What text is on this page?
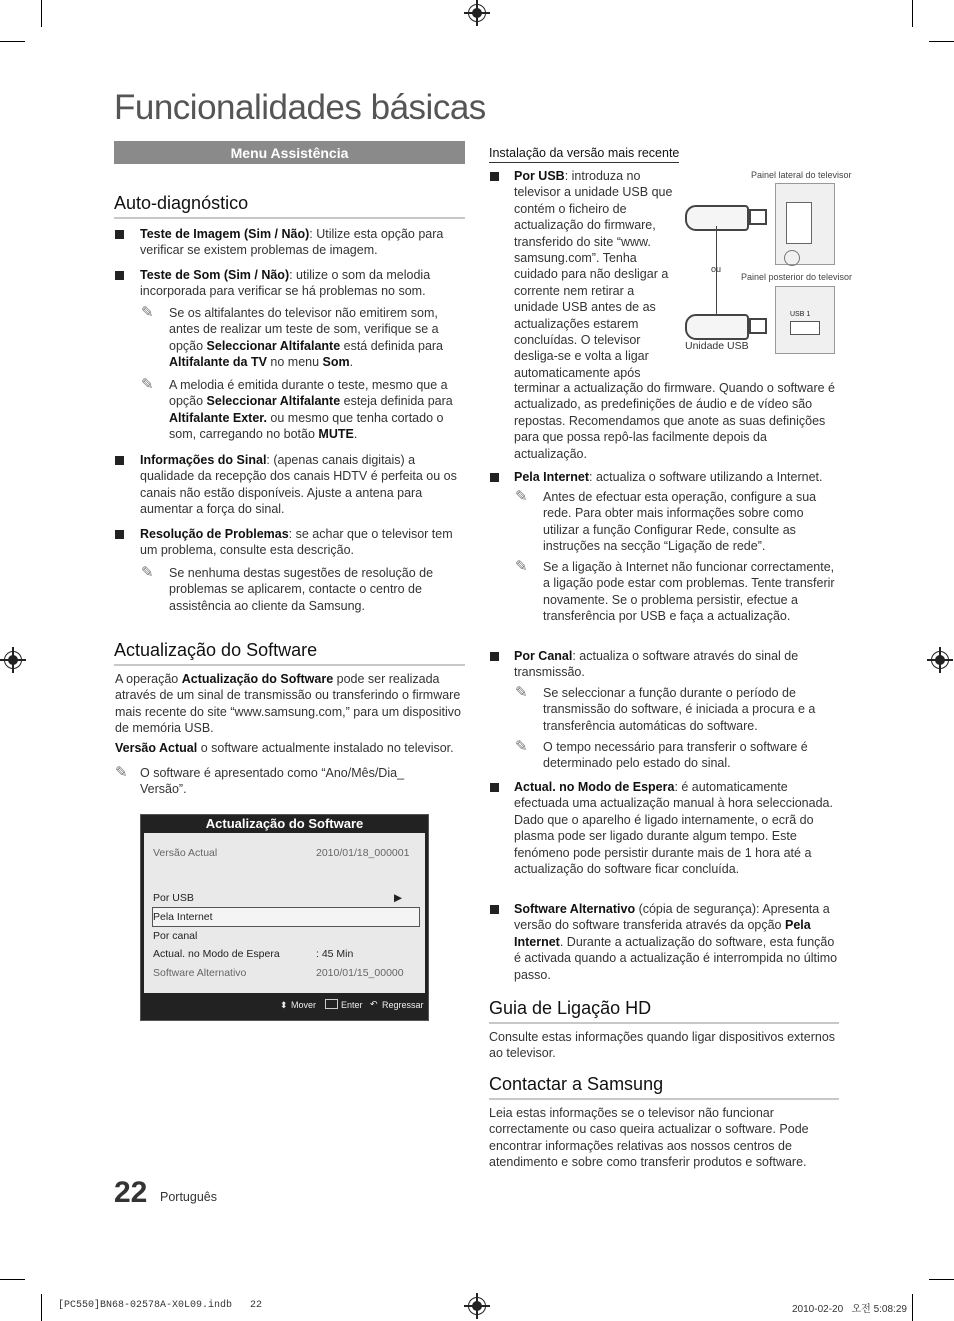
Funcionalidades básicas
Menu Assistência
Auto-diagnóstico
Teste de Imagem (Sim / Não): Utilize esta opção para verificar se existem problemas de imagem.
Teste de Som (Sim / Não): utilize o som da melodia incorporada para verificar se há problemas no som.
✎ Se os altifalantes do televisor não emitirem som, antes de realizar um teste de som, verifique se a opção Seleccionar Altifalante está definida para Altifalante da TV no menu Som.
✎ A melodia é emitida durante o teste, mesmo que a opção Seleccionar Altifalante esteja definida para Altifalante Exter. ou mesmo que tenha cortado o som, carregando no botão MUTE.
Informações do Sinal: (apenas canais digitais) a qualidade da recepção dos canais HDTV é perfeita ou os canais não estão disponíveis. Ajuste a antena para aumentar a força do sinal.
Resolução de Problemas: se achar que o televisor tem um problema, consulte esta descrição.
✎ Se nenhuma destas sugestões de resolução de problemas se aplicarem, contacte o centro de assistência ao cliente da Samsung.
Actualização do Software
A operação Actualização do Software pode ser realizada através de um sinal de transmissão ou transferindo o firmware mais recente do site “www.samsung.com,” para um dispositivo de memória USB.
Versão Actual o software actualmente instalado no televisor.
✎ O software é apresentado como “Ano/Mês/Dia_ Versão”.
Actualização do Software
Versão Actual	2010/01/18_000001
Por USB	▶
Pela Internet
Por canal
Actual. no Modo de Espera	: 45 Min
Software Alternativo	2010/01/15_00000
⬍ Mover	Enter ↶ Regressar
Instalação da versão mais recente
Por USB: introduza no televisor a unidade USB que contém o ficheiro de actualização do firmware, transferido do site “www. samsung.com”. Tenha cuidado para não desligar a corrente nem retirar a unidade USB antes de as actualizações estarem concluídas. O televisor desliga-se e volta a ligar automaticamente após
terminar a actualização do firmware. Quando o software é actualizado, as predefinições de áudio e de vídeo são repostas. Recomendamos que anote as suas definições para que possa repô-las facilmente depois da actualização.
Painel lateral do televisor
ou
Painel posterior do televisor
USB 1
Unidade USB
Pela Internet: actualiza o software utilizando a Internet.
✎ Antes de efectuar esta operação, configure a sua rede. Para obter mais informações sobre como utilizar a função Configurar Rede, consulte as instruções na secção “Ligação de rede”.
✎ Se a ligação à Internet não funcionar correctamente, a ligação pode estar com problemas. Tente transferir novamente. Se o problema persistir, efectue a transferência por USB e faça a actualização.
Por Canal: actualiza o software através do sinal de transmissão.
✎ Se seleccionar a função durante o período de transmissão do software, é iniciada a procura e a transferência automáticas do software.
✎ O tempo necessário para transferir o software é determinado pelo estado do sinal.
Actual. no Modo de Espera: é automaticamente efectuada uma actualização manual à hora seleccionada. Dado que o aparelho é ligado internamente, o ecrã do plasma pode ser ligado durante algum tempo. Este fenómeno pode persistir durante mais de 1 hora até a actualização do software ficar concluída.
Software Alternativo (cópia de segurança): Apresenta a versão do software transferida através da opção Pela Internet. Durante a actualização do software, esta função é activada quando a actualização é interrompida no último passo.
Guia de Ligação HD
Consulte estas informações quando ligar dispositivos externos ao televisor.
Contactar a Samsung
Leia estas informações se o televisor não funcionar correctamente ou caso queira actualizar o software. Pode encontrar informações relativas aos nossos centros de atendimento e sobre como transferir produtos e software.
22 Português
[PC550]BN68-02578A-X0L09.indb   22	2010-02-20   오전 5:08:29
